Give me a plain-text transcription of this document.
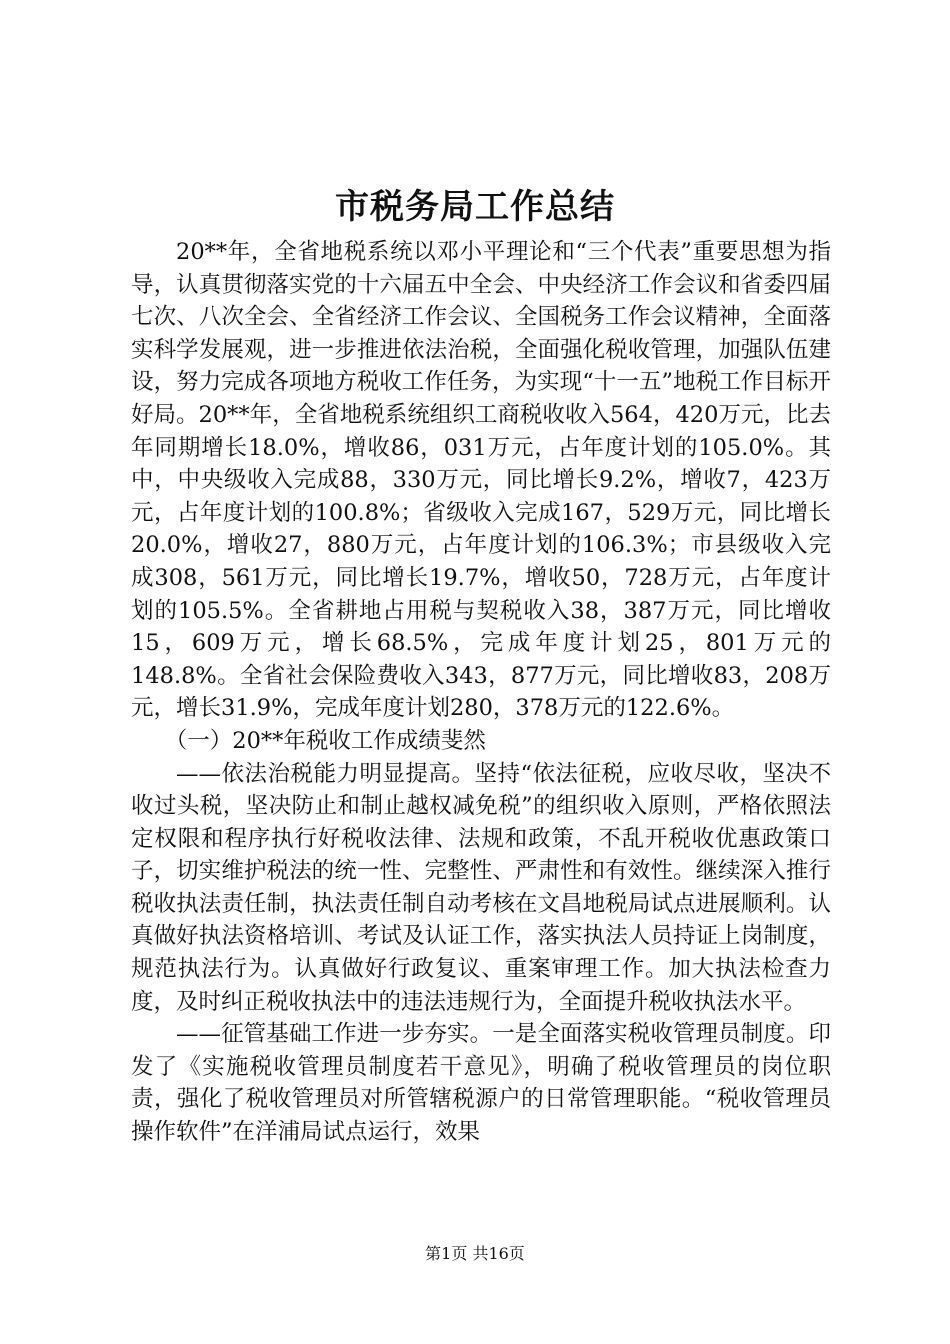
市税务局工作总结

20**年，全省地税系统以邓小平理论和“三个代表”重要思想为指导，认真贯彻落实党的十六届五中全会、中央经济工作会议和省委四届七次、八次全会、全省经济工作会议、全国税务工作会议精神，全面落实科学发展观，进一步推进依法治税，全面强化税收管理，加强队伍建设，努力完成各项地方税收工作任务，为实现“十一五”地税工作目标开好局。20**年，全省地税系统组织工商税收收入564，420万元，比去年同期增长18.0%，增收86，031万元，占年度计划的105.0%。其中，中央级收入完成88，330万元，同比增长9.2%，增收7，423万元，占年度计划的100.8%；省级收入完成167，529万元，同比增长20.0%，增收27，880万元，占年度计划的106.3%；市县级收入完成308，561万元，同比增长19.7%，增收50，728万元，占年度计划的105.5%。全省耕地占用税与契税收入38，387万元，同比增收15，609万元，增长68.5%，完成年度计划25，801万元的148.8%。全省社会保险费收入343，877万元，同比增收83，208万元，增长31.9%，完成年度计划280，378万元的122.6%。

（一）20**年税收工作成绩斐然

——依法治税能力明显提高。坚持“依法征税，应收尽收，坚决不收过头税，坚决防止和制止越权减免税”的组织收入原则，严格依照法定权限和程序执行好税收法律、法规和政策，不乱开税收优惠政策口子，切实维护税法的统一性、完整性、严肃性和有效性。继续深入推行税收执法责任制，执法责任制自动考核在文昌地税局试点进展顺利。认真做好执法资格培训、考试及认证工作，落实执法人员持证上岗制度，规范执法行为。认真做好行政复议、重案审理工作。加大执法检查力度，及时纠正税收执法中的违法违规行为，全面提升税收执法水平。

——征管基础工作进一步夯实。一是全面落实税收管理员制度。印发了《实施税收管理员制度若干意见》，明确了税收管理员的岗位职责，强化了税收管理员对所管辖税源户的日常管理职能。“税收管理员操作软件”在洋浦局试点运行，效果

第1页 共16页
